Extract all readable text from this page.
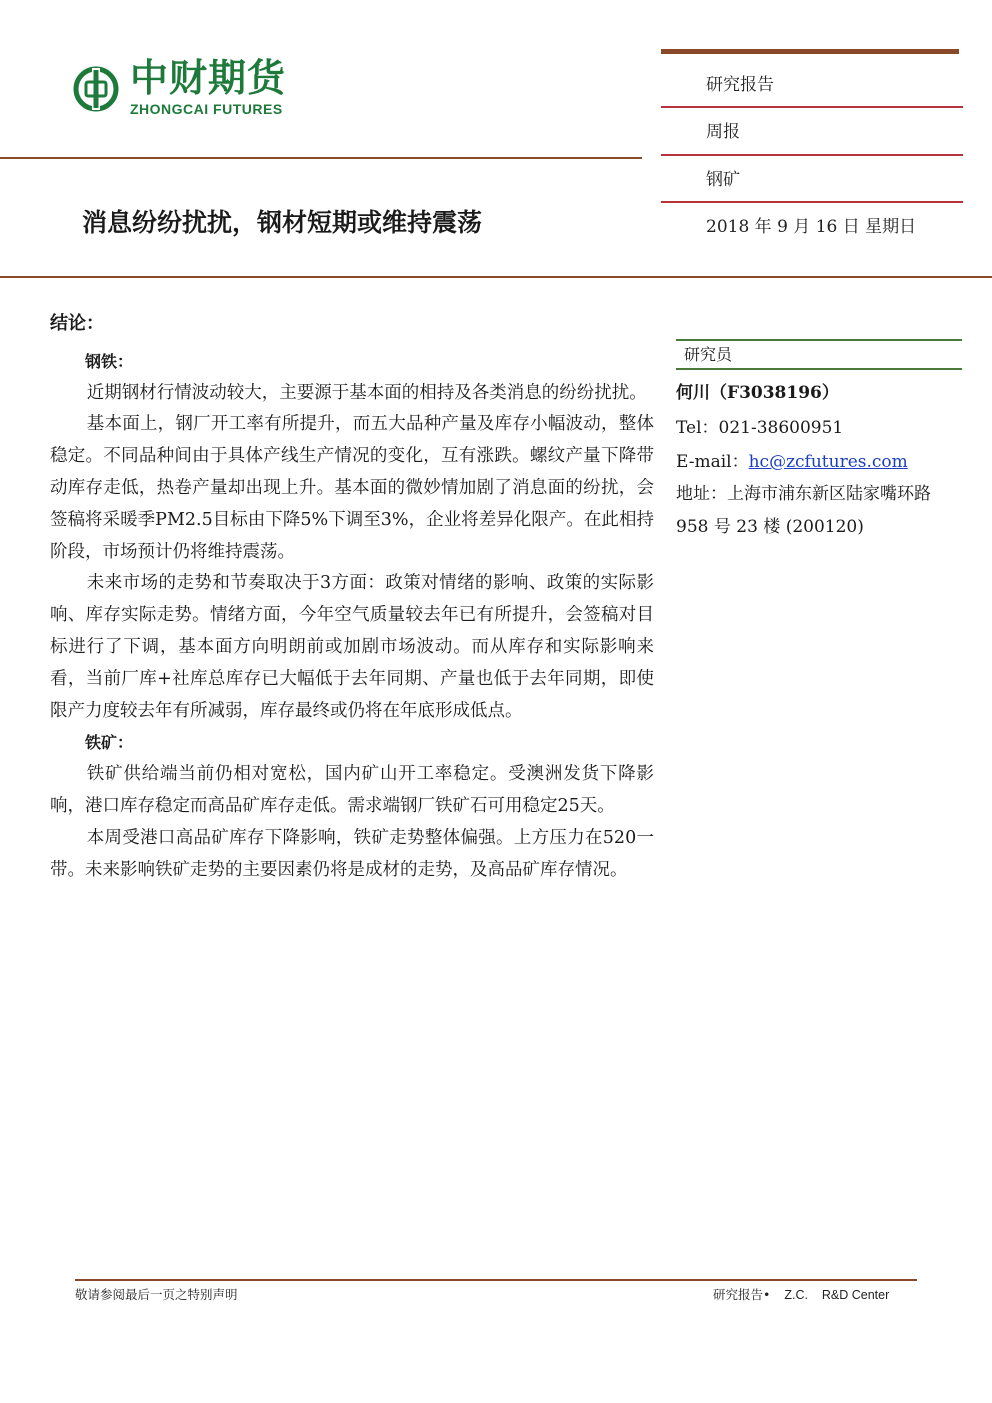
中财期货
ZHONGCAI FUTURES
研究报告
周报
钢矿
2018 年 9 月 16 日 星期日
消息纷纷扰扰，钢材短期或维持震荡
结论：
钢铁：

近期钢材行情波动较大，主要源于基本面的相持及各类消息的纷纷扰扰。

基本面上，钢厂开工率有所提升，而五大品种产量及库存小幅波动，整体稳定。不同品种间由于具体产线生产情况的变化，互有涨跌。螺纹产量下降带动库存走低，热卷产量却出现上升。基本面的微妙情加剧了消息面的纷扰，会签稿将采暖季PM2.5目标由下降5%下调至3%，企业将差异化限产。在此相持阶段，市场预计仍将维持震荡。

未来市场的走势和节奏取决于3方面：政策对情绪的影响、政策的实际影响、库存实际走势。情绪方面，今年空气质量较去年已有所提升，会签稿对目标进行了下调，基本面方向明朗前或加剧市场波动。而从库存和实际影响来看，当前厂库+社库总库存已大幅低于去年同期、产量也低于去年同期，即使限产力度较去年有所减弱，库存最终或仍将在年底形成低点。

铁矿：

铁矿供给端当前仍相对宽松，国内矿山开工率稳定。受澳洲发货下降影响，港口库存稳定而高品矿库存走低。需求端钢厂铁矿石可用稳定25天。

本周受港口高品矿库存下降影响，铁矿走势整体偏强。上方压力在520一带。未来影响铁矿走势的主要因素仍将是成材的走势，及高品矿库存情况。

研究员
何川（F3038196）
Tel：021-38600951
E-mail：hc@zcfutures.com
地址：上海市浦东新区陆家嘴环路 958 号 23 楼 (200120)
敬请参阅最后一页之特别声明	研究报告• Z.C.    R&D Center
